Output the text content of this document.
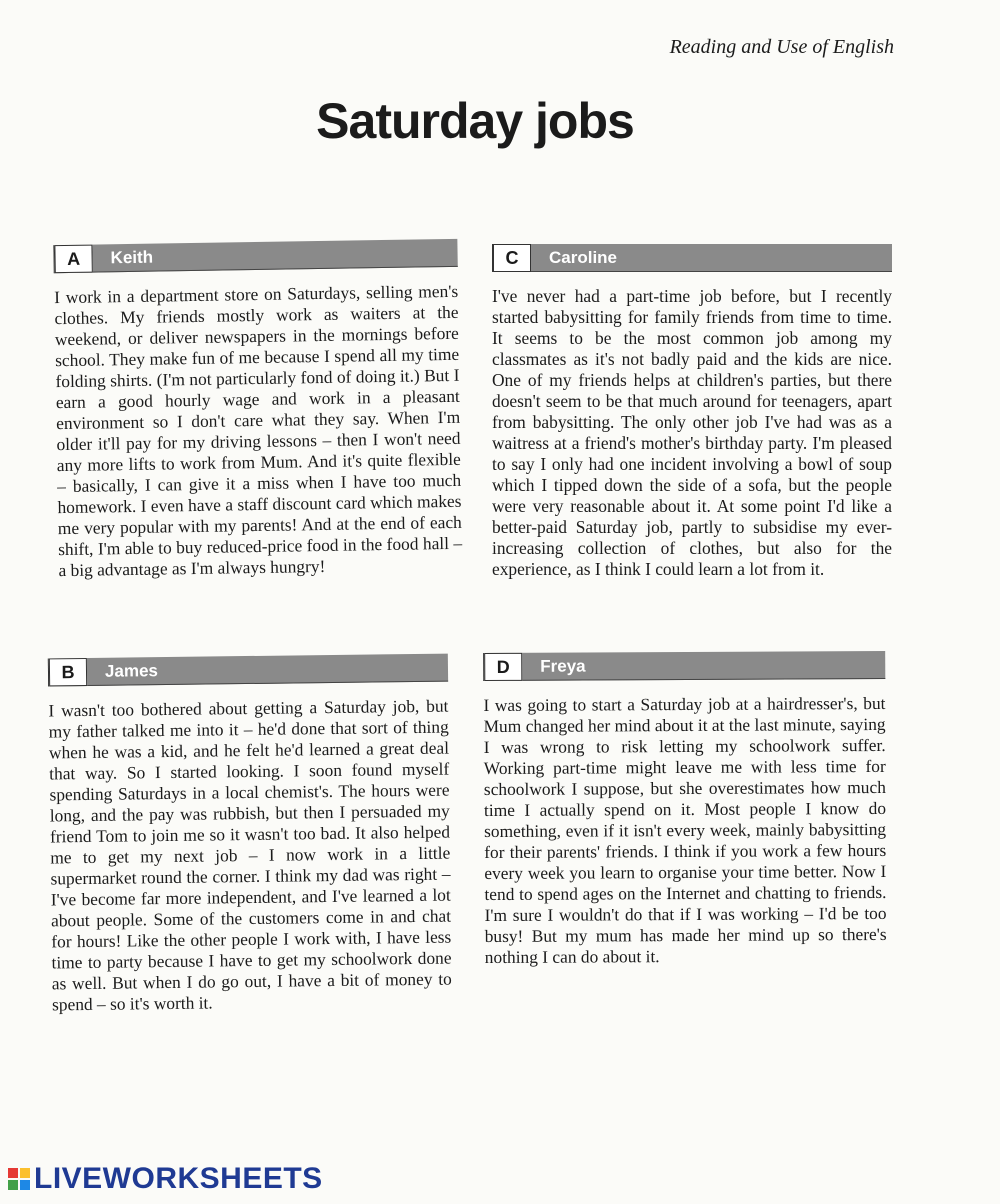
Reading and Use of English
Saturday jobs
A	Keith
I work in a department store on Saturdays, selling men's clothes. My friends mostly work as waiters at the weekend, or deliver newspapers in the mornings before school. They make fun of me because I spend all my time folding shirts. (I'm not particularly fond of doing it.) But I earn a good hourly wage and work in a pleasant environment so I don't care what they say. When I'm older it'll pay for my driving lessons – then I won't need any more lifts to work from Mum. And it's quite flexible – basically, I can give it a miss when I have too much homework. I even have a staff discount card which makes me very popular with my parents! And at the end of each shift, I'm able to buy reduced-price food in the food hall – a big advantage as I'm always hungry!
C	Caroline
I've never had a part-time job before, but I recently started babysitting for family friends from time to time. It seems to be the most common job among my classmates as it's not badly paid and the kids are nice. One of my friends helps at children's parties, but there doesn't seem to be that much around for teenagers, apart from babysitting. The only other job I've had was as a waitress at a friend's mother's birthday party. I'm pleased to say I only had one incident involving a bowl of soup which I tipped down the side of a sofa, but the people were very reasonable about it. At some point I'd like a better-paid Saturday job, partly to subsidise my ever-increasing collection of clothes, but also for the experience, as I think I could learn a lot from it.
B	James
I wasn't too bothered about getting a Saturday job, but my father talked me into it – he'd done that sort of thing when he was a kid, and he felt he'd learned a great deal that way. So I started looking. I soon found myself spending Saturdays in a local chemist's. The hours were long, and the pay was rubbish, but then I persuaded my friend Tom to join me so it wasn't too bad. It also helped me to get my next job – I now work in a little supermarket round the corner. I think my dad was right – I've become far more independent, and I've learned a lot about people. Some of the customers come in and chat for hours! Like the other people I work with, I have less time to party because I have to get my schoolwork done as well. But when I do go out, I have a bit of money to spend – so it's worth it.
D	Freya
I was going to start a Saturday job at a hairdresser's, but Mum changed her mind about it at the last minute, saying I was wrong to risk letting my schoolwork suffer. Working part-time might leave me with less time for schoolwork I suppose, but she overestimates how much time I actually spend on it. Most people I know do something, even if it isn't every week, mainly babysitting for their parents' friends. I think if you work a few hours every week you learn to organise your time better. Now I tend to spend ages on the Internet and chatting to friends. I'm sure I wouldn't do that if I was working – I'd be too busy! But my mum has made her mind up so there's nothing I can do about it.
LIVEWORKSHEETS
